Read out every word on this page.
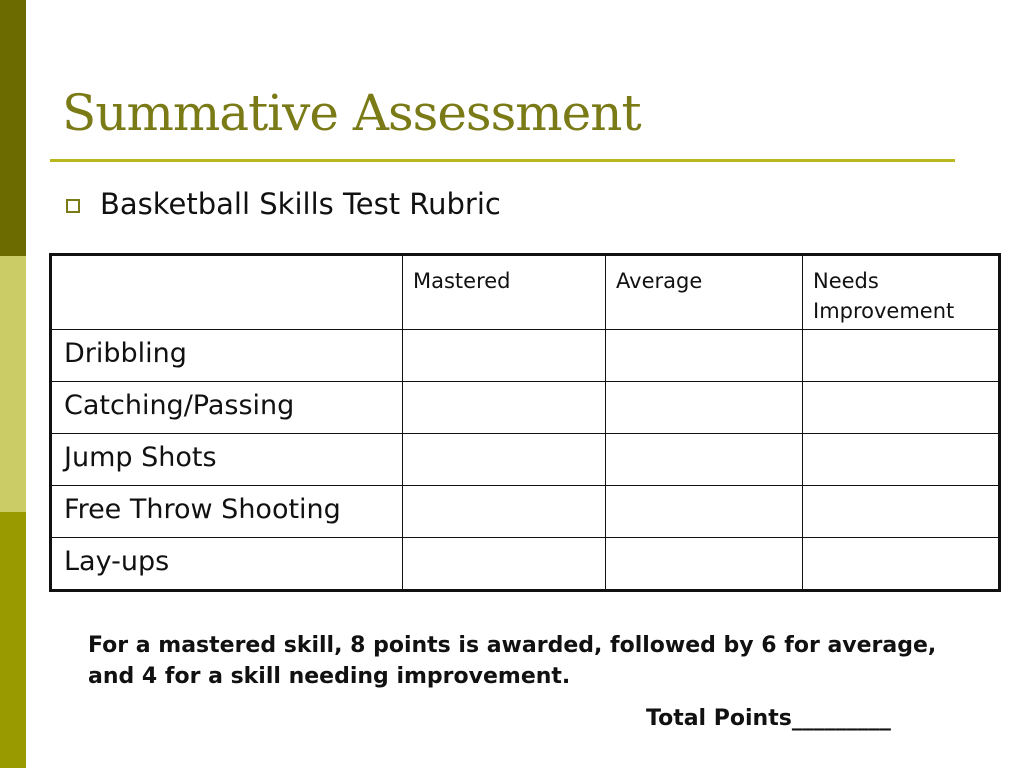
Summative Assessment
Basketball Skills Test Rubric

	Mastered	Average	Needs Improvement

Dribbling			

Catching/Passing			

Jump Shots			

Free Throw Shooting			

Lay-ups			

For a mastered skill, 8 points is awarded, followed by 6 for average, and 4 for a skill needing improvement.
Total Points_________
